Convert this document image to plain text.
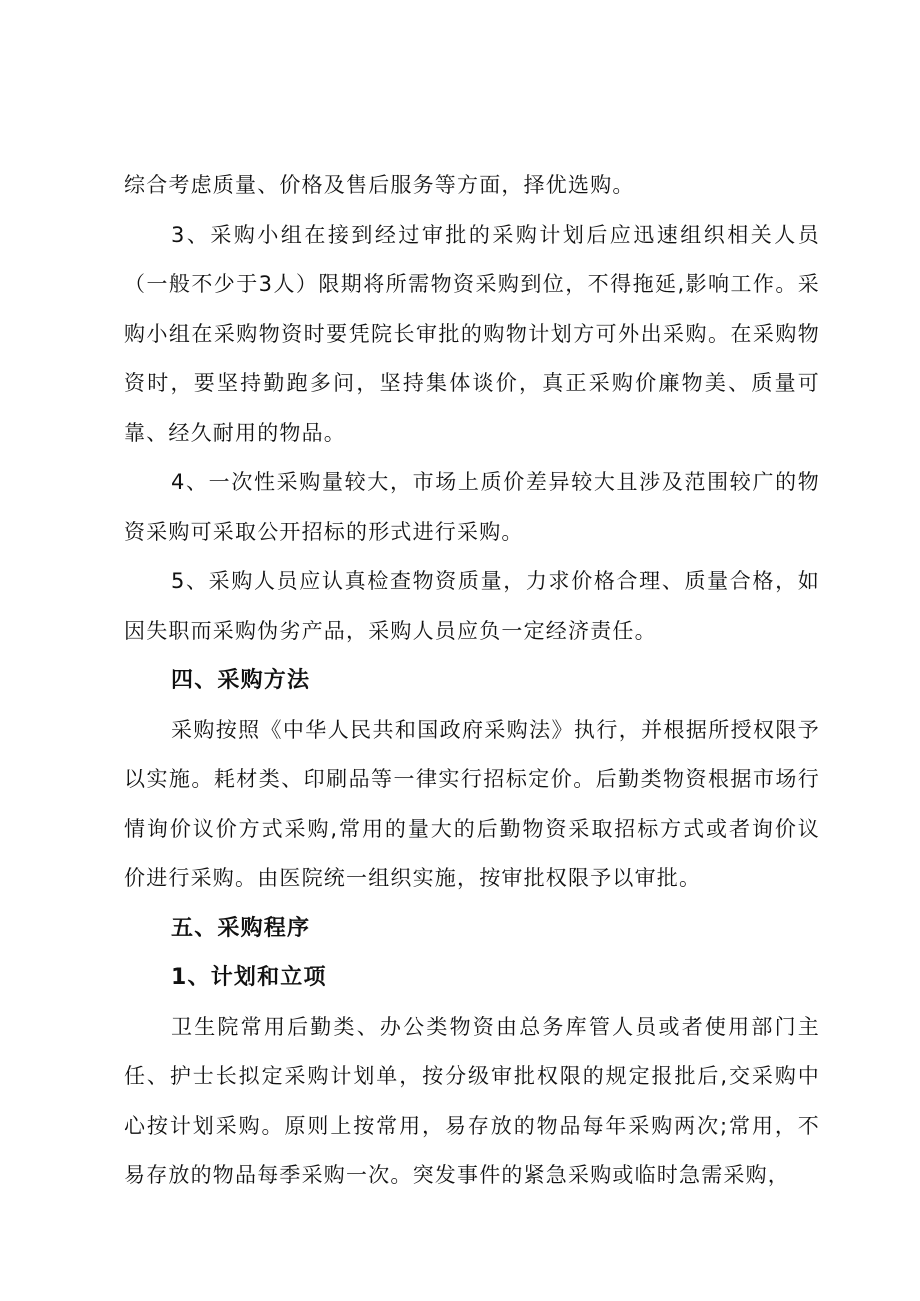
综合考虑质量、价格及售后服务等方面，择优选购。

3、采购小组在接到经过审批的采购计划后应迅速组织相关人员（一般不少于3人）限期将所需物资采购到位，不得拖延,影响工作。采购小组在采购物资时要凭院长审批的购物计划方可外出采购。在采购物资时，要坚持勤跑多问，坚持集体谈价，真正采购价廉物美、质量可靠、经久耐用的物品。

4、一次性采购量较大，市场上质价差异较大且涉及范围较广的物资采购可采取公开招标的形式进行采购。

5、采购人员应认真检查物资质量，力求价格合理、质量合格，如因失职而采购伪劣产品，采购人员应负一定经济责任。

四、采购方法

采购按照《中华人民共和国政府采购法》执行，并根据所授权限予以实施。耗材类、印刷品等一律实行招标定价。后勤类物资根据市场行情询价议价方式采购,常用的量大的后勤物资采取招标方式或者询价议价进行采购。由医院统一组织实施，按审批权限予以审批。

五、采购程序
1、计划和立项

卫生院常用后勤类、办公类物资由总务库管人员或者使用部门主任、护士长拟定采购计划单，按分级审批权限的规定报批后,交采购中心按计划采购。原则上按常用，易存放的物品每年采购两次;常用，不易存放的物品每季采购一次。突发事件的紧急采购或临时急需采购，
